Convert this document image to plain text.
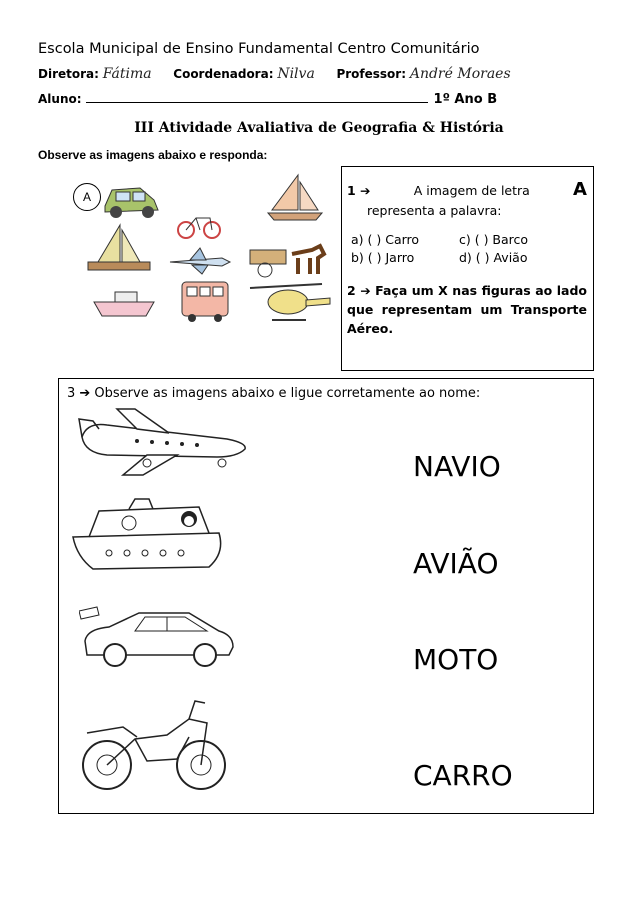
Escola Municipal de Ensino Fundamental Centro Comunitário
Diretora: Fátima Coordenadora: Nilva Professor: André Moraes
Aluno:	1º Ano B
III Atividade Avaliativa de Geografia & História
Observe as imagens abaixo e responda:
A	1 ➔	A imagem de letra A
representa a palavra:
a) ( ) Carro	c) ( ) Barco
b) ( ) Jarro	d) ( ) Avião
2 ➔ Faça um X nas figuras ao lado que representam um Transporte Aéreo.
3 ➔ Observe as imagens abaixo e ligue corretamente ao nome:
NAVIO
AVIÃO
MOTO
CARRO
